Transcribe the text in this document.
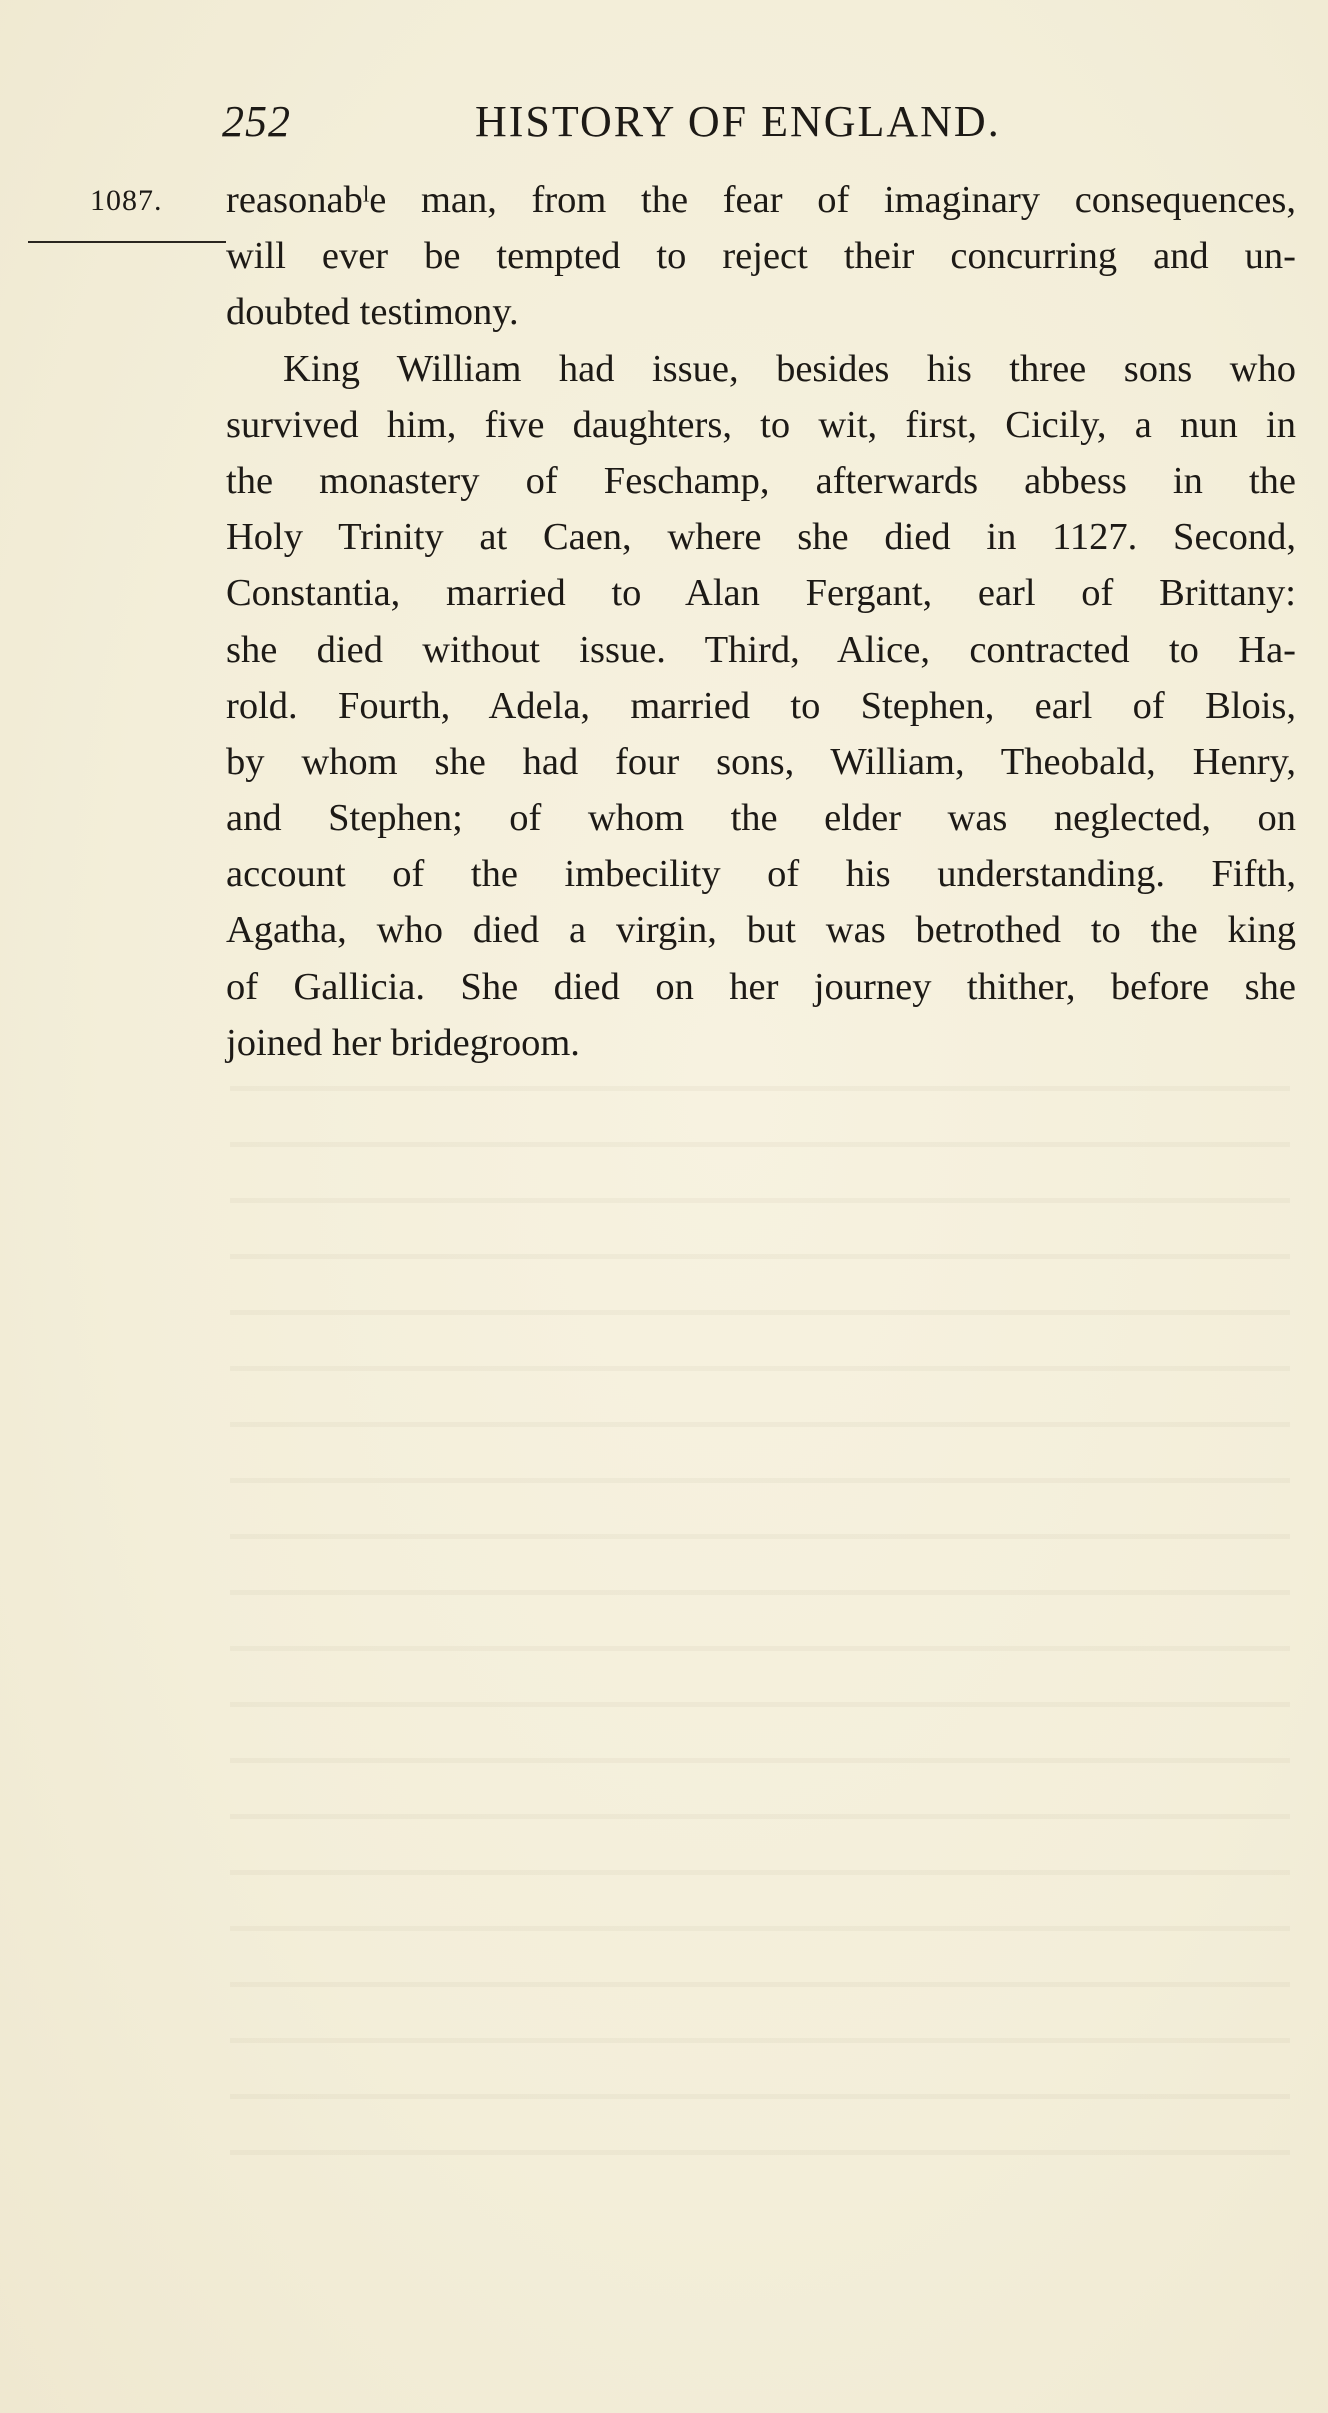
252	HISTORY OF ENGLAND.
1087. reasonabˡe man, from the fear of imaginary consequences,
will ever be tempted to reject their concurring and un-
doubted testimony.
King William had issue, besides his three sons who
survived him, five daughters, to wit, first, Cicily, a nun in
the monastery of Feschamp, afterwards abbess in the
Holy Trinity at Caen, where she died in 1127. Second,
Constantia, married to Alan Fergant, earl of Brittany:
she died without issue. Third, Alice, contracted to Ha-
rold. Fourth, Adela, married to Stephen, earl of Blois,
by whom she had four sons, William, Theobald, Henry,
and Stephen; of whom the elder was neglected, on
account of the imbecility of his understanding. Fifth,
Agatha, who died a virgin, but was betrothed to the king
of Gallicia. She died on her journey thither, before she
joined her bridegroom.
